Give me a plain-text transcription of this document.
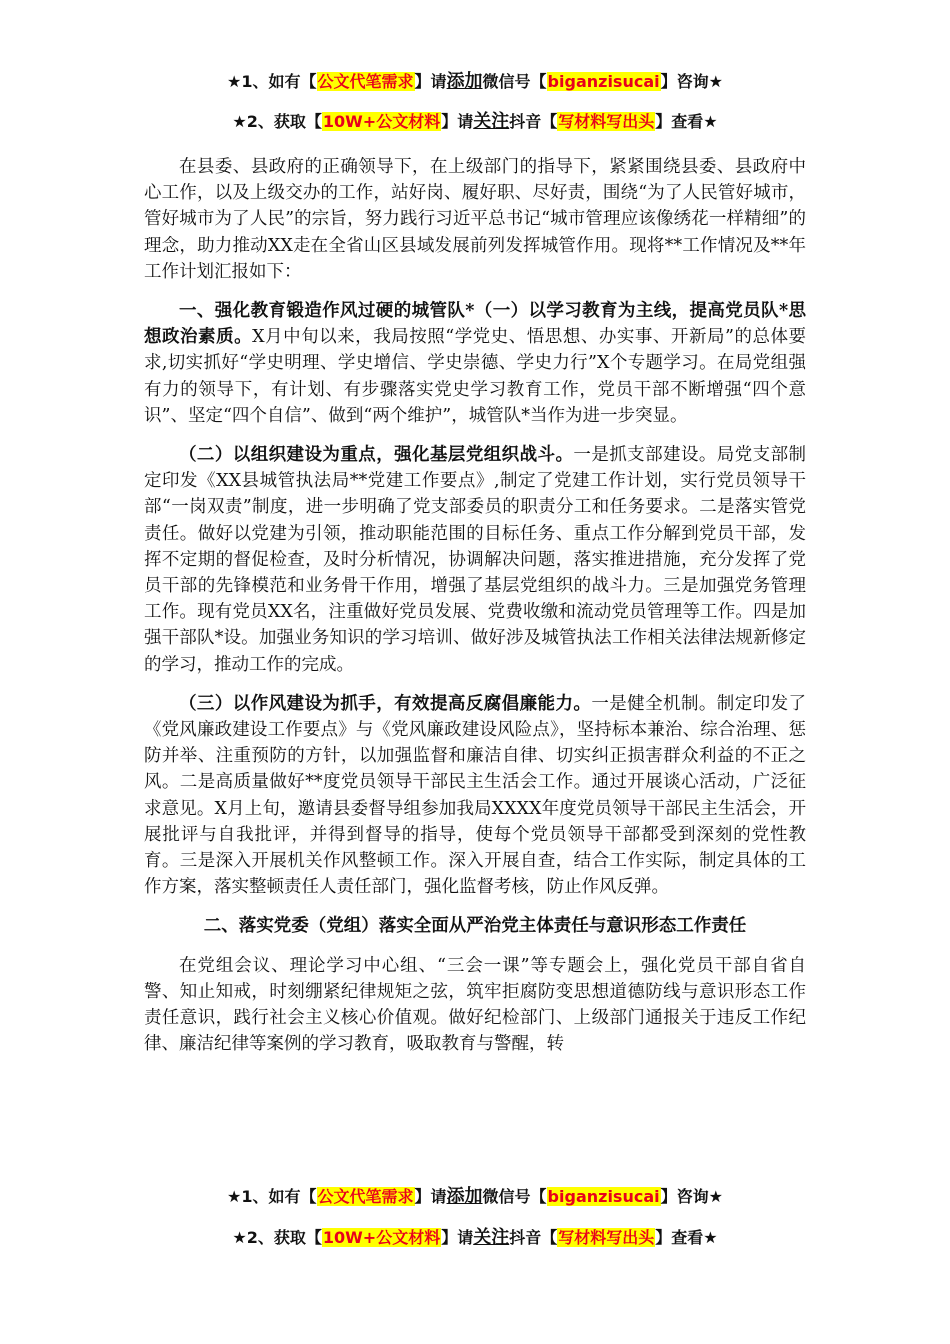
★1、如有【公文代笔需求】请添加微信号【biganzisucai】咨询★
★2、获取【10W+公文材料】请关注抖音【写材料写出头】查看★

在县委、县政府的正确领导下，在上级部门的指导下，紧紧围绕县委、县政府中心工作，以及上级交办的工作，站好岗、履好职、尽好责，围绕“为了人民管好城市，管好城市为了人民”的宗旨，努力践行习近平总书记“城市管理应该像绣花一样精细”的理念，助力推动XX走在全省山区县域发展前列发挥城管作用。现将**工作情况及**年工作计划汇报如下：

一、强化教育锻造作风过硬的城管队*（一）以学习教育为主线，提高党员队*思想政治素质。X月中旬以来，我局按照“学党史、悟思想、办实事、开新局”的总体要求,切实抓好“学史明理、学史增信、学史崇德、学史力行”X个专题学习。在局党组强有力的领导下，有计划、有步骤落实党史学习教育工作，党员干部不断增强“四个意识”、坚定“四个自信”、做到“两个维护”，城管队*当作为进一步突显。

（二）以组织建设为重点，强化基层党组织战斗。一是抓支部建设。局党支部制定印发《XX县城管执法局**党建工作要点》,制定了党建工作计划，实行党员领导干部“一岗双责”制度，进一步明确了党支部委员的职责分工和任务要求。二是落实管党责任。做好以党建为引领，推动职能范围的目标任务、重点工作分解到党员干部，发挥不定期的督促检查，及时分析情况，协调解决问题，落实推进措施，充分发挥了党员干部的先锋模范和业务骨干作用，增强了基层党组织的战斗力。三是加强党务管理工作。现有党员XX名，注重做好党员发展、党费收缴和流动党员管理等工作。四是加强干部队*设。加强业务知识的学习培训、做好涉及城管执法工作相关法律法规新修定的学习，推动工作的完成。

（三）以作风建设为抓手，有效提高反腐倡廉能力。一是健全机制。制定印发了《党风廉政建设工作要点》与《党风廉政建设风险点》，坚持标本兼治、综合治理、惩防并举、注重预防的方针，以加强监督和廉洁自律、切实纠正损害群众利益的不正之风。二是高质量做好**度党员领导干部民主生活会工作。通过开展谈心活动，广泛征求意见。X月上旬，邀请县委督导组参加我局XXXX年度党员领导干部民主生活会，开展批评与自我批评，并得到督导的指导，使每个党员领导干部都受到深刻的党性教育。三是深入开展机关作风整顿工作。深入开展自查，结合工作实际，制定具体的工作方案，落实整顿责任人责任部门，强化监督考核，防止作风反弹。

二、落实党委（党组）落实全面从严治党主体责任与意识形态工作责任

在党组会议、理论学习中心组、“三会一课”等专题会上，强化党员干部自省自警、知止知戒，时刻绷紧纪律规矩之弦，筑牢拒腐防变思想道德防线与意识形态工作责任意识，践行社会主义核心价值观。做好纪检部门、上级部门通报关于违反工作纪律、廉洁纪律等案例的学习教育，吸取教育与警醒，转

★1、如有【公文代笔需求】请添加微信号【biganzisucai】咨询★
★2、获取【10W+公文材料】请关注抖音【写材料写出头】查看★
